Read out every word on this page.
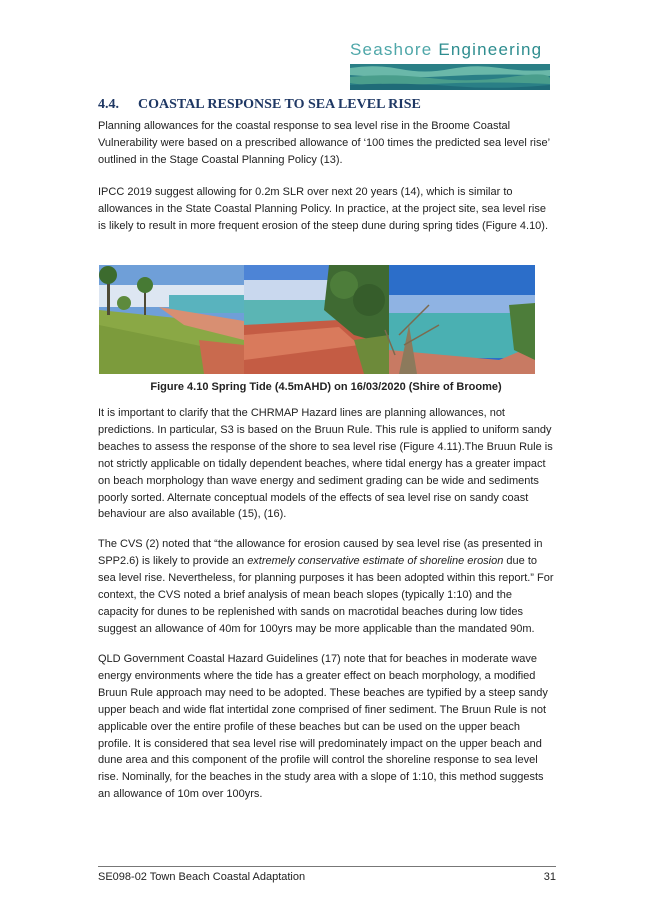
Seashore Engineering
4.4. COASTAL RESPONSE TO SEA LEVEL RISE

Planning allowances for the coastal response to sea level rise in the Broome Coastal Vulnerability were based on a prescribed allowance of ‘100 times the predicted sea level rise’ outlined in the Stage Coastal Planning Policy (13).

IPCC 2019 suggest allowing for 0.2m SLR over next 20 years (14), which is similar to allowances in the State Coastal Planning Policy. In practice, at the project site, sea level rise is likely to result in more frequent erosion of the steep dune during spring tides (Figure 4.10).

Figure 4.10 Spring Tide (4.5mAHD) on 16/03/2020 (Shire of Broome)

It is important to clarify that the CHRMAP Hazard lines are planning allowances, not predictions. In particular, S3 is based on the Bruun Rule. This rule is applied to uniform sandy beaches to assess the response of the shore to sea level rise (Figure 4.11).The Bruun Rule is not strictly applicable on tidally dependent beaches, where tidal energy has a greater impact on beach morphology than wave energy and sediment grading can be wide and sediments poorly sorted. Alternate conceptual models of the effects of sea level rise on sandy coast behaviour are also available (15), (16).

The CVS (2) noted that “the allowance for erosion caused by sea level rise (as presented in SPP2.6) is likely to provide an extremely conservative estimate of shoreline erosion due to sea level rise. Nevertheless, for planning purposes it has been adopted within this report.” For context, the CVS noted a brief analysis of mean beach slopes (typically 1:10) and the capacity for dunes to be replenished with sands on macrotidal beaches during low tides suggest an allowance of 40m for 100yrs may be more applicable than the mandated 90m.

QLD Government Coastal Hazard Guidelines (17) note that for beaches in moderate wave energy environments where the tide has a greater effect on beach morphology, a modified Bruun Rule approach may need to be adopted. These beaches are typified by a steep sandy upper beach and wide flat intertidal zone comprised of finer sediment. The Bruun Rule is not applicable over the entire profile of these beaches but can be used on the upper beach profile. It is considered that sea level rise will predominately impact on the upper beach and dune area and this component of the profile will control the shoreline response to sea level rise. Nominally, for the beaches in the study area with a slope of 1:10, this method suggests an allowance of 10m over 100yrs.

SE098-02 Town Beach Coastal Adaptation	31
